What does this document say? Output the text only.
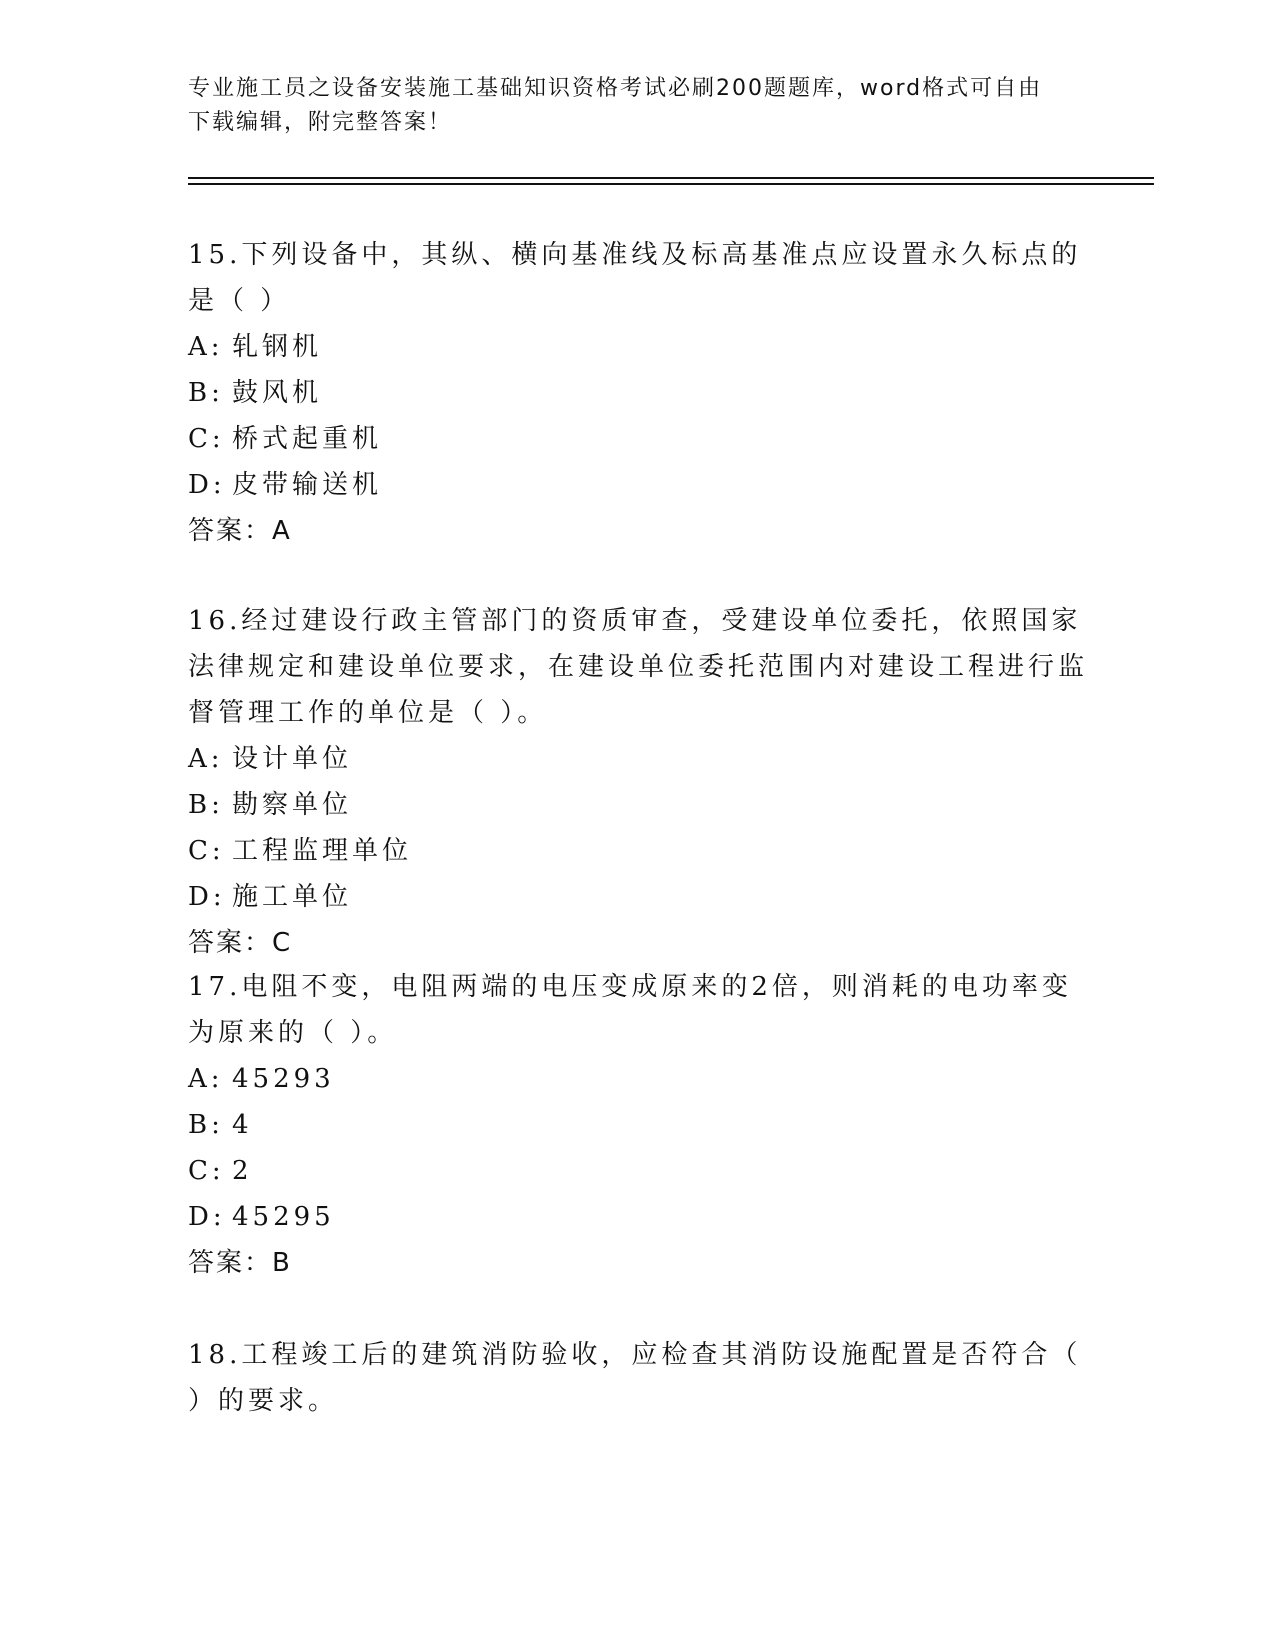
专业施工员之设备安装施工基础知识资格考试必刷200题题库，word格式可自由
下载编辑，附完整答案！

15.下列设备中，其纵、横向基准线及标高基准点应设置永久标点的是（ ）

A: 轧钢机
B: 鼓风机
C: 桥式起重机
D: 皮带输送机

答案：A

16.经过建设行政主管部门的资质审查，受建设单位委托，依照国家法律规定和建设单位要求，在建设单位委托范围内对建设工程进行监督管理工作的单位是（ ）。

A: 设计单位
B: 勘察单位
C: 工程监理单位
D: 施工单位

答案：C

17.电阻不变，电阻两端的电压变成原来的2倍，则消耗的电功率变为原来的（ ）。

A: 45293
B: 4
C: 2
D: 45295

答案：B

18.工程竣工后的建筑消防验收，应检查其消防设施配置是否符合（ ）的要求。
